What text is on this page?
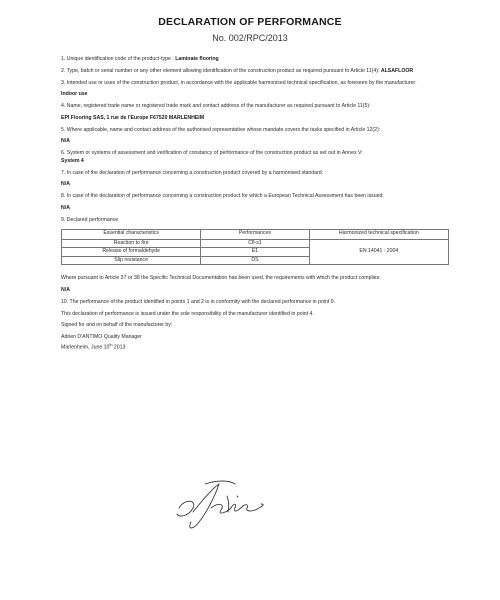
DECLARATION OF PERFORMANCE
No. 002/RPC/2013

1. Unique identification code of the product-type : Laminate flooring

2. Type, batch or serial number or any other element allowing identification of the construction product as required pursuant to Article 11(4): ALSAFLOOR

3. Intended use or uses of the construction product, in accordance with the applicable harmonised technical specification, as foreseen by the manufacturer:

Indoor use

4. Name, registered trade name or registered trade mark and contact address of the manufacturer as required pursuant to Article 11(5):

EPI Flooring SAS, 1 rue de l'Europe F67520 MARLENHEIM

5. Where applicable, name and contact address of the authorised representative whose mandate covers the tasks specified in Article 12(2):

N/A

6. System or systems of assessment and verification of constancy of performance of the construction product as set out in Annex V:
System 4

7. In case of the declaration of performance concerning a construction product covered by a harmonised standard:

N/A

8. In case of the declaration of performance concerning a construction product for which a European Technical Assessment has been issued:

N/A

9. Declared performance

Essential characteristics	Performances	Harmonized technical specification
Reaction to fire	Cfl-s1	EN 14041 : 2004
Release of formaldehyde	E1	
Slip resistance	DS	

Where pursuant to Article 37 or 38 the Specific Technical Documentation has been used, the requirements with which the product complies:

N/A

10. The performance of the product identified in points 1 and 2 is in conformity with the declared performance in point 9.

This declaration of performance is issued under the sole responsibility of the manufacturer identified in point 4.

Signed for and on behalf of the manufacturer by:

Adrien D'ANTIMO Quality Manager

Marlenheim, June 10th 2013
